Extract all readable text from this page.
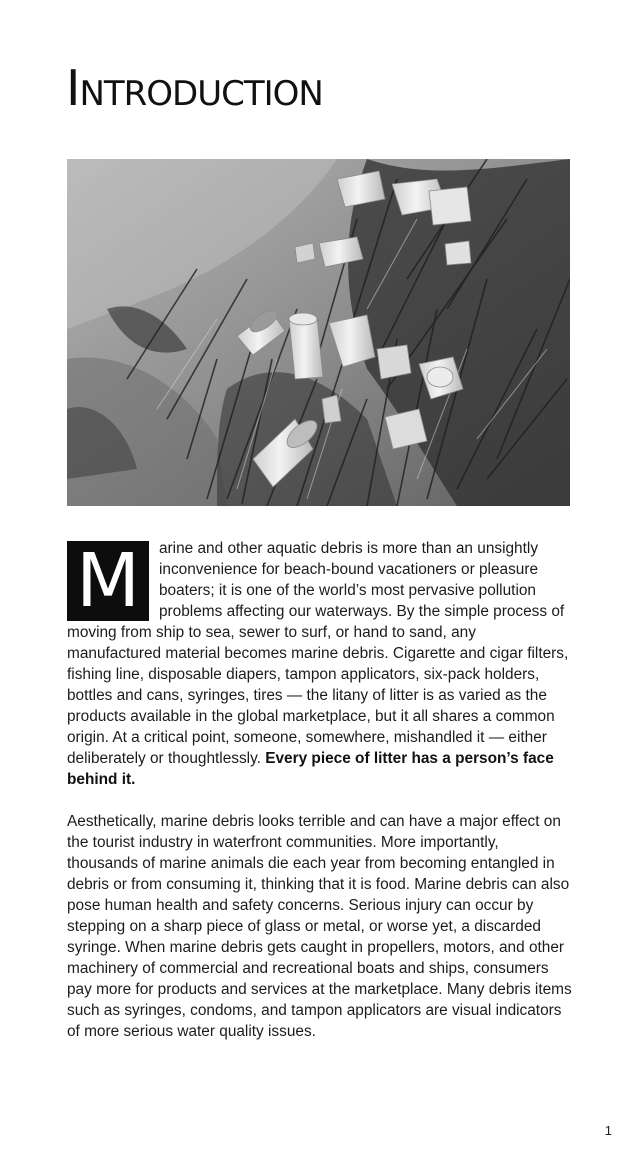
INTRODUCTION

M	arine and other aquatic debris is more than an unsightly inconvenience for beach-bound vacationers or pleasure boaters; it is one of the world’s most pervasive pollution problems affecting our waterways. By the simple process of moving from ship to sea, sewer to surf, or hand to sand, any manufactured material becomes marine debris. Cigarette and cigar filters, fishing line, disposable diapers, tampon applicators, six-pack holders, bottles and cans, syringes, tires — the litany of litter is as varied as the products available in the global marketplace, but it all shares a common origin. At a critical point, someone, somewhere, mishandled it — either deliberately or thoughtlessly. Every piece of litter has a person’s face behind it.

Aesthetically, marine debris looks terrible and can have a major effect on the tourist industry in waterfront communities. More importantly, thousands of marine animals die each year from becoming entangled in debris or from consuming it, thinking that it is food. Marine debris can also pose human health and safety concerns. Serious injury can occur by stepping on a sharp piece of glass or metal, or worse yet, a discarded syringe. When marine debris gets caught in propellers, motors, and other machinery of commercial and recreational boats and ships, consumers pay more for products and services at the marketplace. Many debris items such as syringes, condoms, and tampon applicators are visual indicators of more serious water quality issues.

1
